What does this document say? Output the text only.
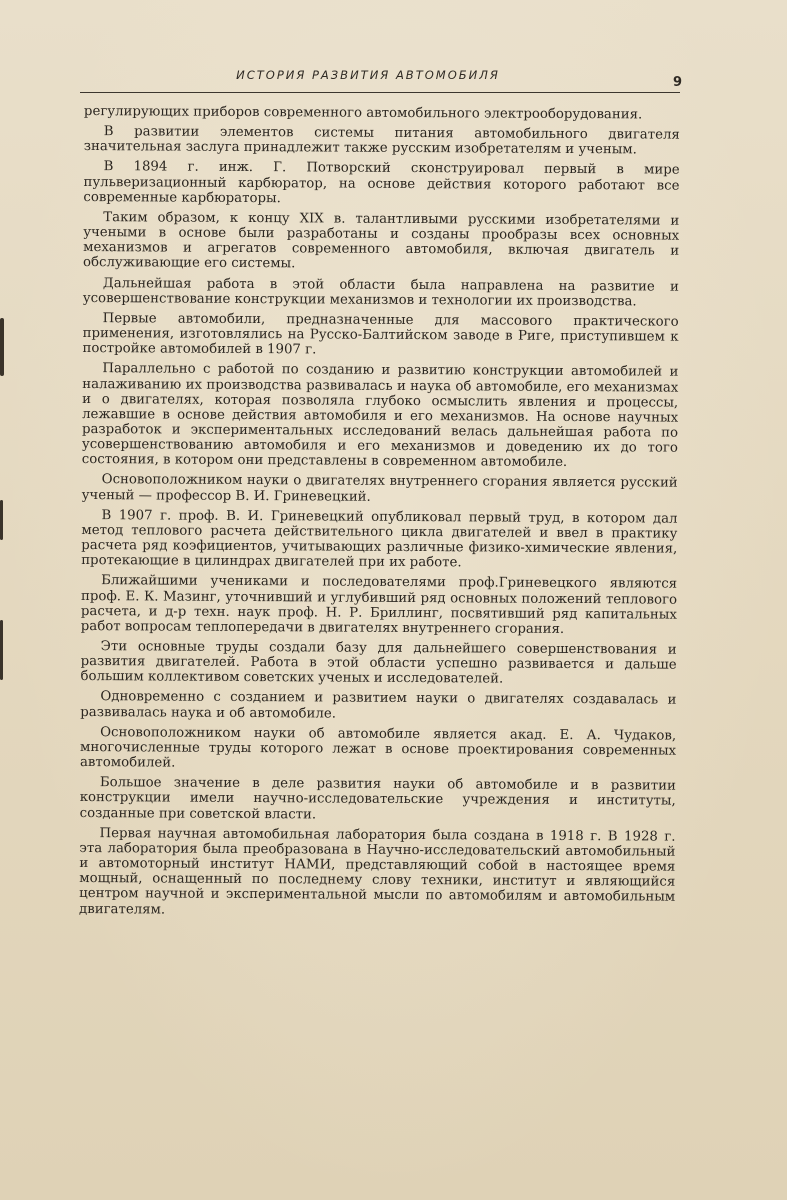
ИСТОРИЯ РАЗВИТИЯ АВТОМОБИЛЯ	9

регулирующих приборов современного автомобильного электрооборудования.

В развитии элементов системы питания автомобильного двигателя значительная заслуга принадлежит также русским изобретателям и ученым.

В 1894 г. инж. Г. Потворский сконструировал первый в мире пульверизационный карбюратор, на основе действия которого работают все современные карбюраторы.

Таким образом, к концу XIX в. талантливыми русскими изобретателями и учеными в основе были разработаны и созданы прообразы всех основных механизмов и агрегатов современного автомобиля, включая двигатель и обслуживающие его системы.

Дальнейшая работа в этой области была направлена на развитие и усовершенствование конструкции механизмов и технологии их производства.

Первые автомобили, предназначенные для массового практического применения, изготовлялись на Русско-Балтийском заводе в Риге, приступившем к постройке автомобилей в 1907 г.

Параллельно с работой по созданию и развитию конструкции автомобилей и налаживанию их производства развивалась и наука об автомобиле, его механизмах и о двигателях, которая позволяла глубоко осмыслить явления и процессы, лежавшие в основе действия автомобиля и его механизмов. На основе научных разработок и экспериментальных исследований велась дальнейшая работа по усовершенствованию автомобиля и его механизмов и доведению их до того состояния, в котором они представлены в современном автомобиле.

Основоположником науки о двигателях внутреннего сгорания является русский ученый — профессор В. И. Гриневецкий.

В 1907 г. проф. В. И. Гриневецкий опубликовал первый труд, в котором дал метод теплового расчета действительного цикла двигателей и ввел в практику расчета ряд коэфициентов, учитывающих различные физико-химические явления, протекающие в цилиндрах двигателей при их работе.

Ближайшими учениками и последователями проф.Гриневецкого являются проф. Е. К. Мазинг, уточнивший и углубивший ряд основных положений теплового расчета, и д-р техн. наук проф. Н. Р. Бриллинг, посвятивший ряд капитальных работ вопросам теплопередачи в двигателях внутреннего сгорания.

Эти основные труды создали базу для дальнейшего совершенствования и развития двигателей. Работа в этой области успешно развивается и дальше большим коллективом советских ученых и исследователей.

Одновременно с созданием и развитием науки о двигателях создавалась и развивалась наука и об автомобиле.

Основоположником науки об автомобиле является акад. Е. А. Чудаков, многочисленные труды которого лежат в основе проектирования современных автомобилей.

Большое значение в деле развития науки об автомобиле и в развитии конструкции имели научно-исследовательские учреждения и институты, созданные при советской власти.

Первая научная автомобильная лаборатория была создана в 1918 г. В 1928 г. эта лаборатория была преобразована в Научно-исследовательский автомобильный и автомоторный институт НАМИ, представляющий собой в настоящее время мощный, оснащенный по последнему слову техники, институт и являющийся центром научной и экспериментальной мысли по автомобилям и автомобильным двигателям.
